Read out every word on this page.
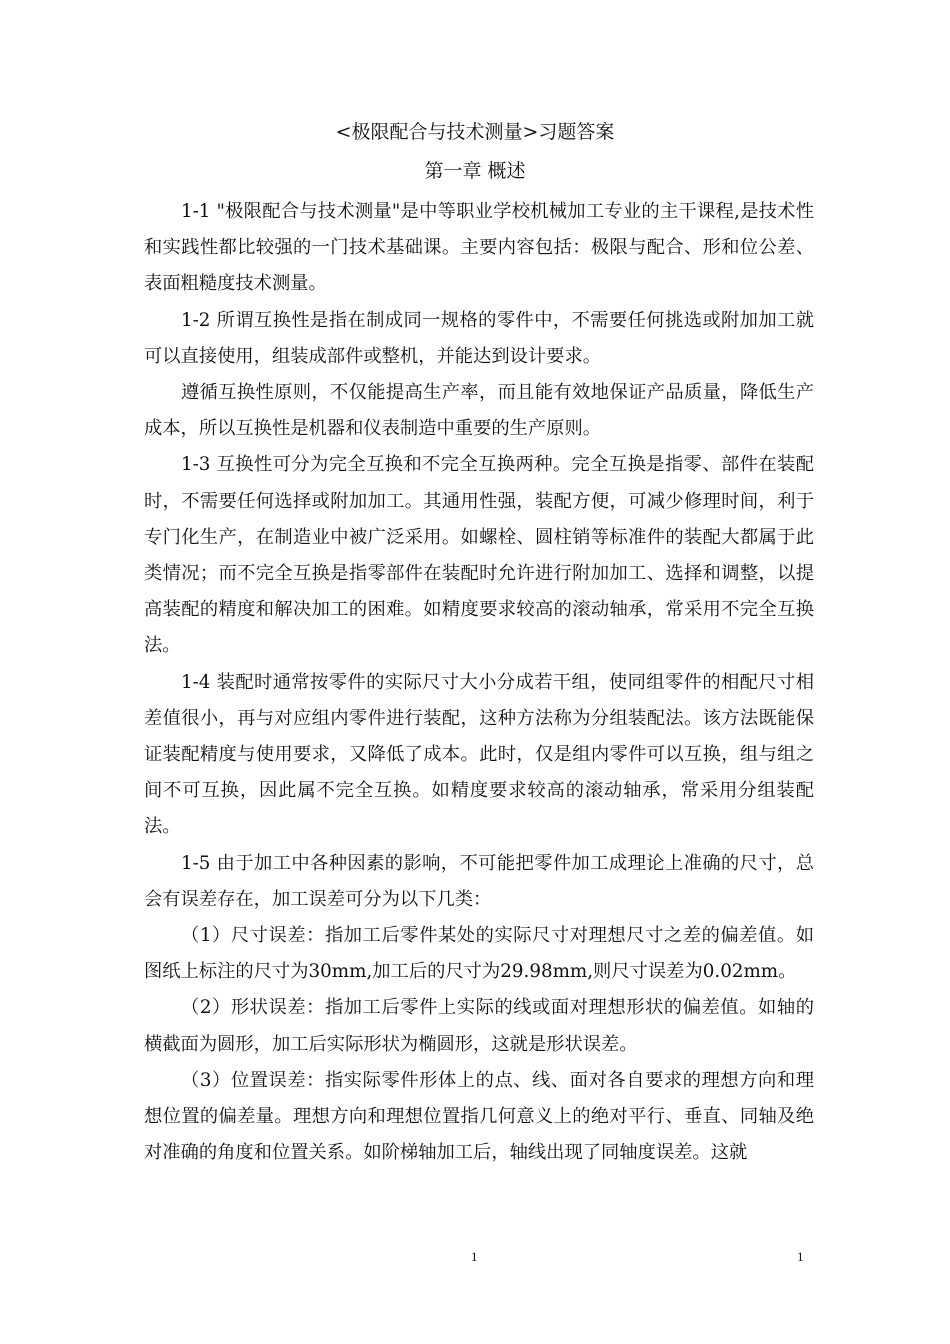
<极限配合与技术测量>习题答案
第一章 概述

1-1 "极限配合与技术测量"是中等职业学校机械加工专业的主干课程,是技术性和实践性都比较强的一门技术基础课。主要内容包括：极限与配合、形和位公差、表面粗糙度技术测量。

1-2 所谓互换性是指在制成同一规格的零件中，不需要任何挑选或附加加工就可以直接使用，组装成部件或整机，并能达到设计要求。

遵循互换性原则，不仅能提高生产率，而且能有效地保证产品质量，降低生产成本，所以互换性是机器和仪表制造中重要的生产原则。

1-3 互换性可分为完全互换和不完全互换两种。完全互换是指零、部件在装配时，不需要任何选择或附加加工。其通用性强，装配方便，可减少修理时间，利于专门化生产，在制造业中被广泛采用。如螺栓、圆柱销等标准件的装配大都属于此类情况；而不完全互换是指零部件在装配时允许进行附加加工、选择和调整，以提高装配的精度和解决加工的困难。如精度要求较高的滚动轴承，常采用不完全互换法。

1-4 装配时通常按零件的实际尺寸大小分成若干组，使同组零件的相配尺寸相差值很小，再与对应组内零件进行装配，这种方法称为分组装配法。该方法既能保证装配精度与使用要求，又降低了成本。此时，仅是组内零件可以互换，组与组之间不可互换，因此属不完全互换。如精度要求较高的滚动轴承，常采用分组装配法。

1-5 由于加工中各种因素的影响，不可能把零件加工成理论上准确的尺寸，总会有误差存在，加工误差可分为以下几类：

（1）尺寸误差：指加工后零件某处的实际尺寸对理想尺寸之差的偏差值。如图纸上标注的尺寸为30mm,加工后的尺寸为29.98mm,则尺寸误差为0.02mm。

（2）形状误差：指加工后零件上实际的线或面对理想形状的偏差值。如轴的横截面为圆形，加工后实际形状为椭圆形，这就是形状误差。

（3）位置误差：指实际零件形体上的点、线、面对各自要求的理想方向和理想位置的偏差量。理想方向和理想位置指几何意义上的绝对平行、垂直、同轴及绝对准确的角度和位置关系。如阶梯轴加工后，轴线出现了同轴度误差。这就

1	1
